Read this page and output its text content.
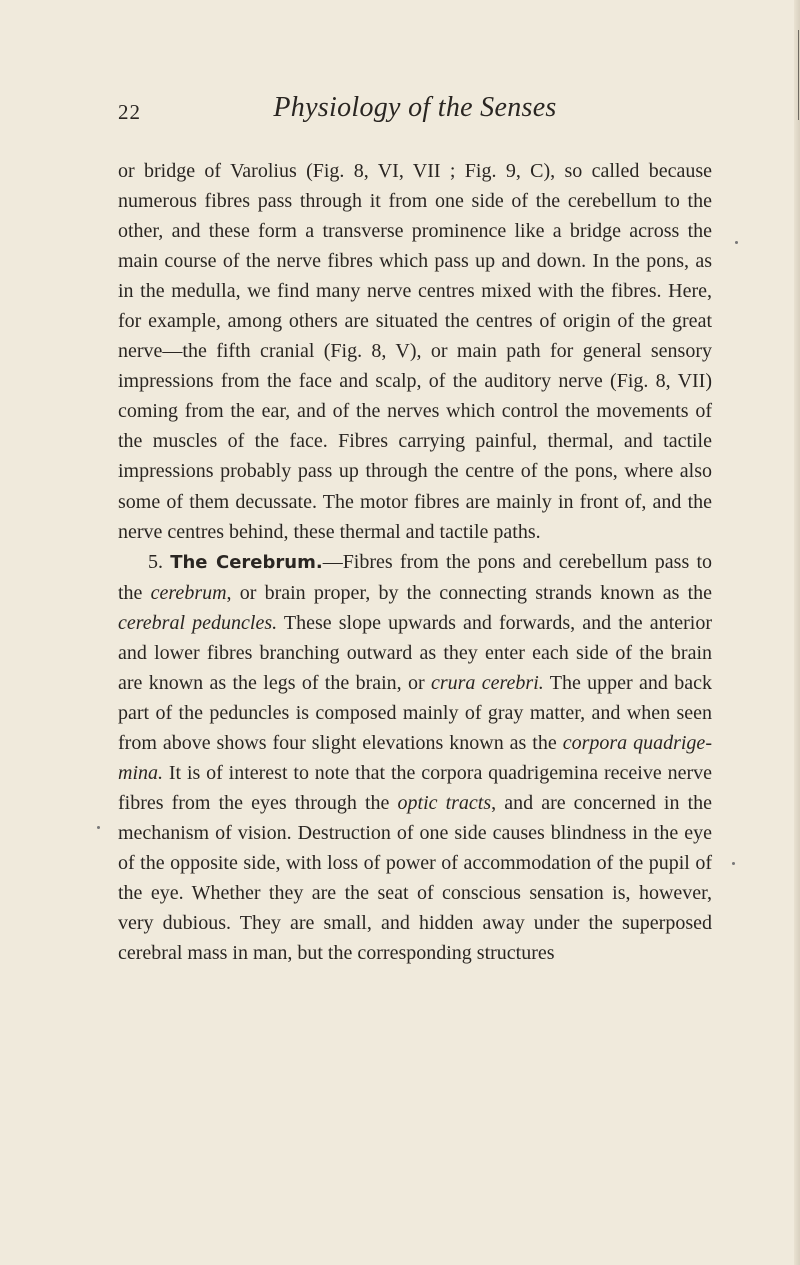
22	Physiology of the Senses

or bridge of Varolius (Fig. 8, VI, VII ; Fig. 9, C), so called because numerous fibres pass through it from one side of the cerebellum to the other, and these form a transverse prominence like a bridge across the main course of the nerve fibres which pass up and down. In the pons, as in the medulla, we find many nerve centres mixed with the fibres. Here, for example, among others are situated the centres of origin of the great nerve—the fifth cranial (Fig. 8, V), or main path for general sensory impressions from the face and scalp, of the auditory nerve (Fig. 8, VII) coming from the ear, and of the nerves which control the movements of the muscles of the face. Fibres carrying painful, thermal, and tactile impressions probably pass up through the centre of the pons, where also some of them decussate. The motor fibres are mainly in front of, and the nerve centres behind, these thermal and tactile paths.

5. The Cerebrum.—Fibres from the pons and cerebellum pass to the cerebrum, or brain proper, by the connecting strands known as the cerebral peduncles. These slope upwards and forwards, and the anterior and lower fibres branching outward as they enter each side of the brain are known as the legs of the brain, or crura cerebri. The upper and back part of the peduncles is composed mainly of gray matter, and when seen from above shows four slight elevations known as the corpora quadrigemina. It is of interest to note that the corpora quadrigemina receive nerve fibres from the eyes through the optic tracts, and are concerned in the mechanism of vision. Destruction of one side causes blindness in the eye of the opposite side, with loss of power of accommodation of the pupil of the eye. Whether they are the seat of conscious sensation is, however, very dubious. They are small, and hidden away under the superposed cerebral mass in man, but the corresponding structures
